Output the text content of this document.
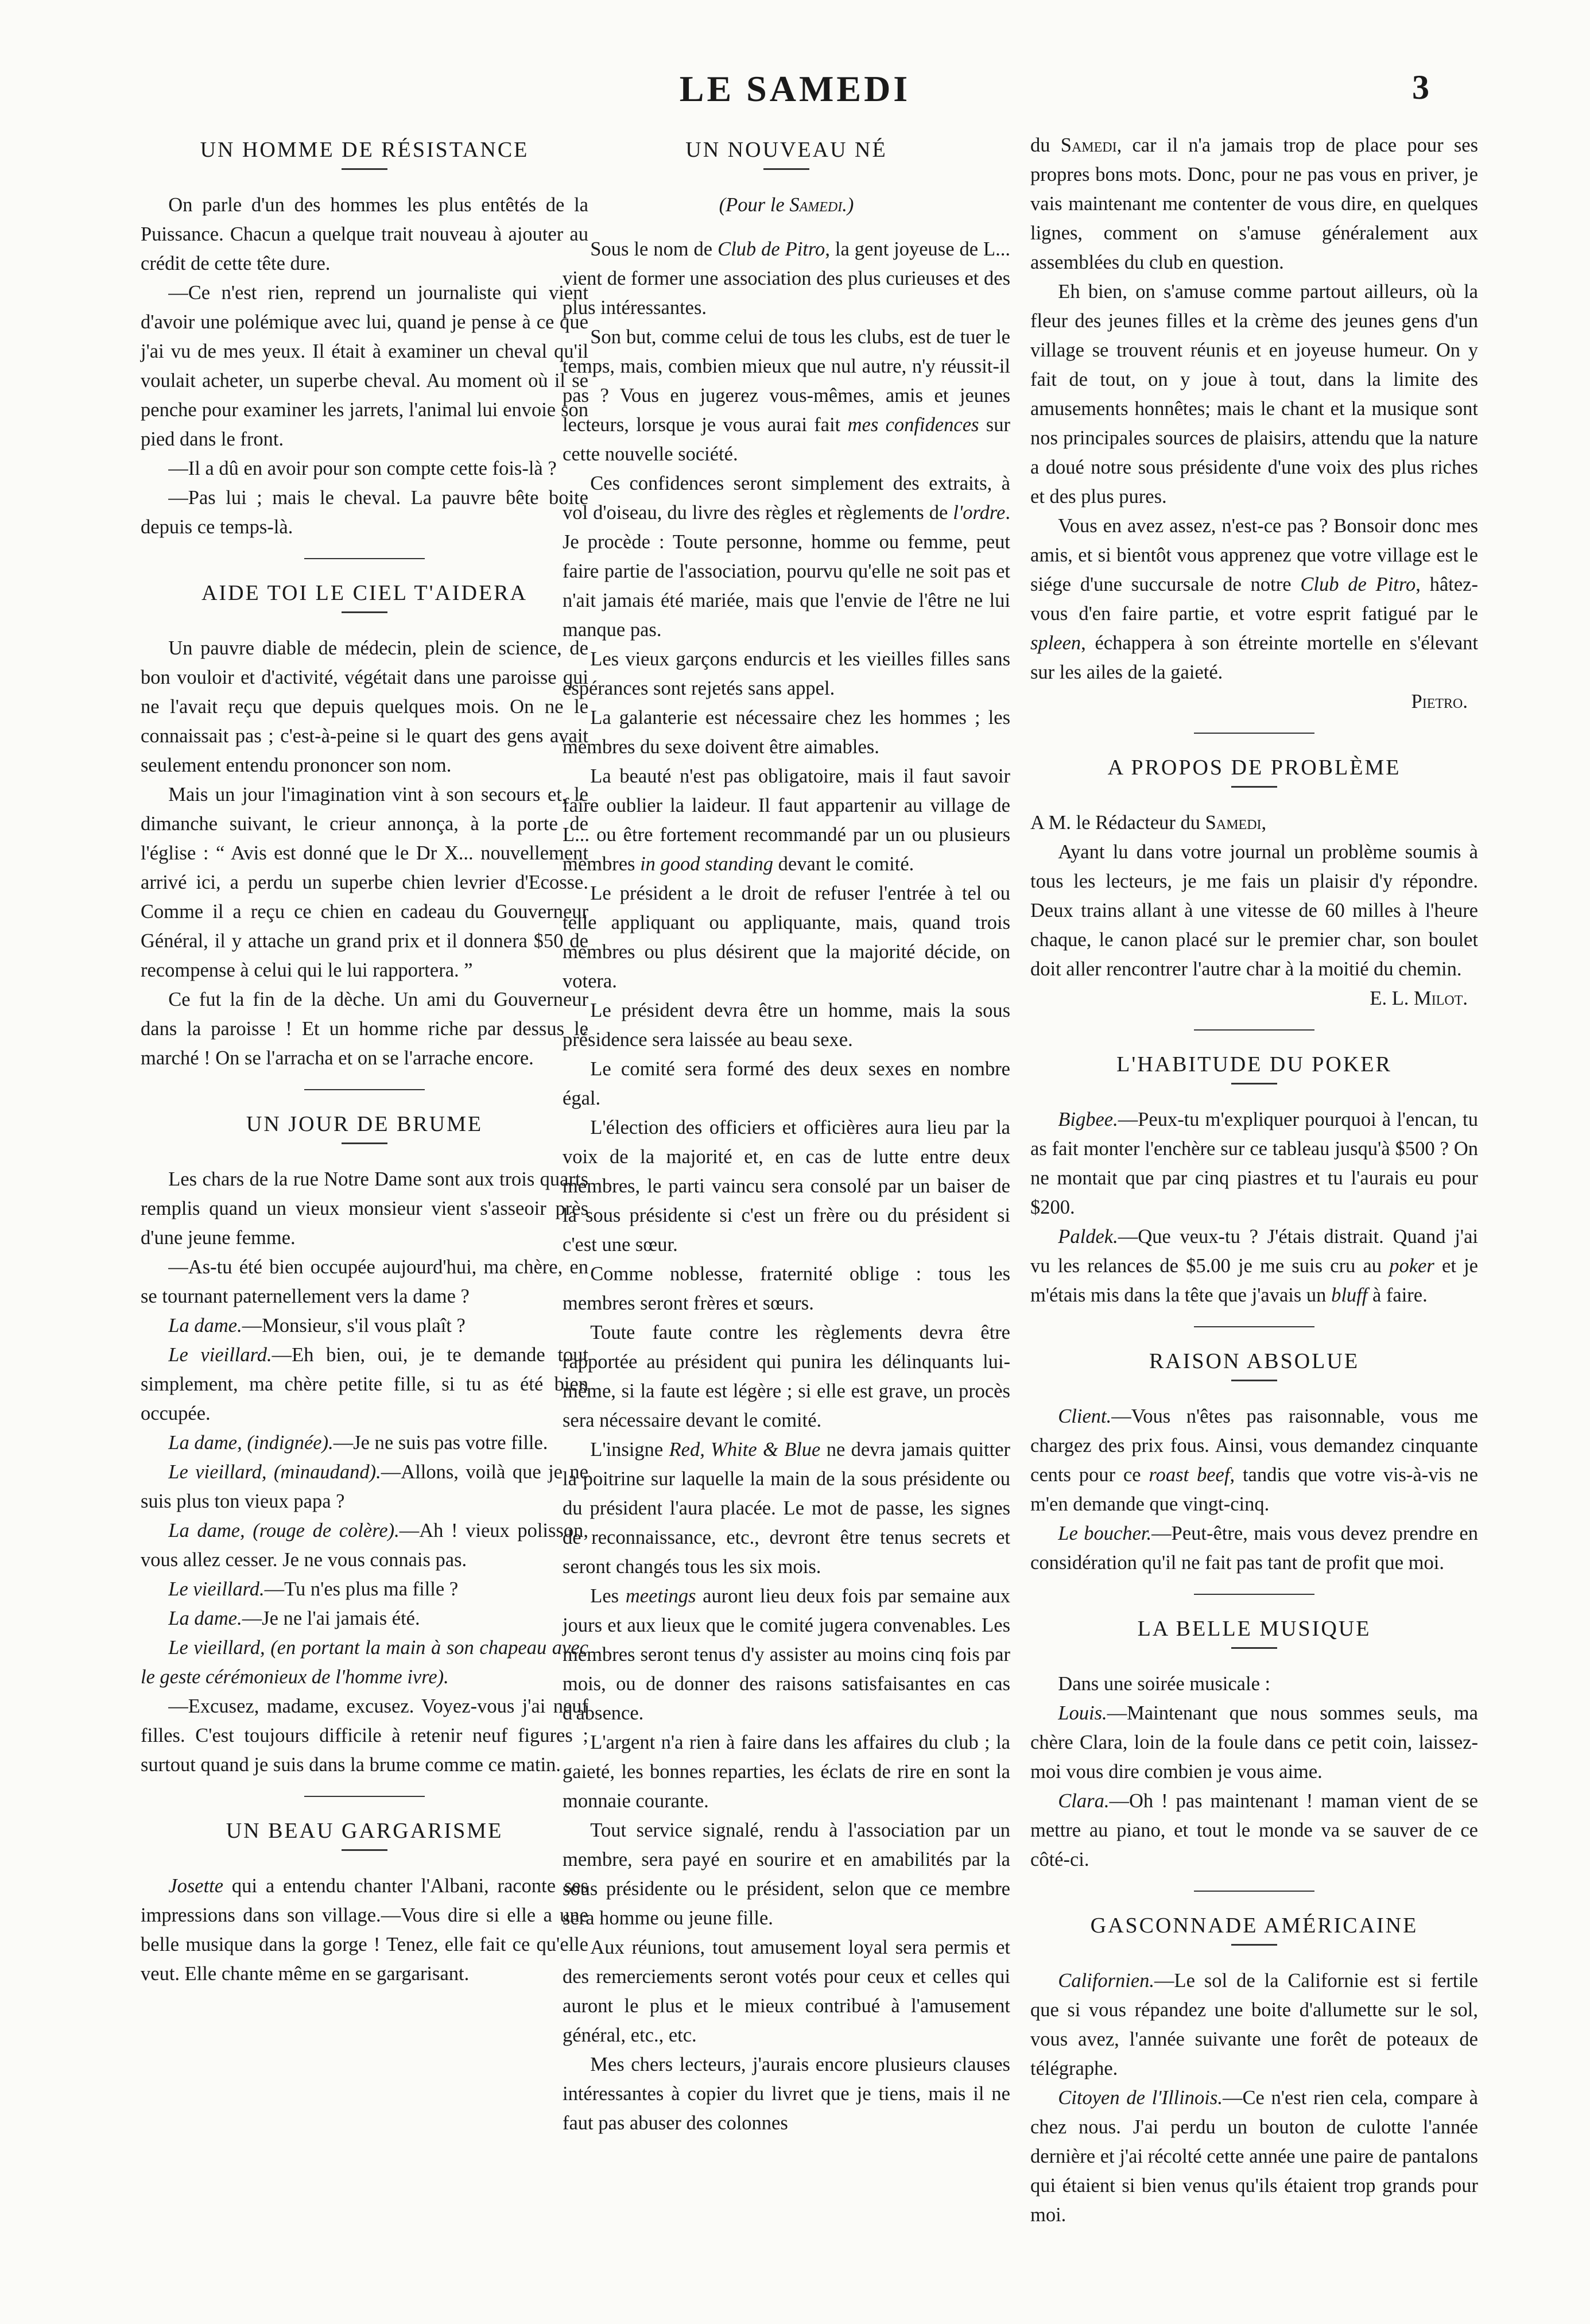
LE SAMEDI	3
UN HOMME DE RÉSISTANCE

On parle d'un des hommes les plus entêtés de la Puissance. Chacun a quelque trait nouveau à ajouter au crédit de cette tête dure.

—Ce n'est rien, reprend un journaliste qui vient d'avoir une polémique avec lui, quand je pense à ce que j'ai vu de mes yeux. Il était à examiner un cheval qu'il voulait acheter, un superbe cheval. Au moment où il se penche pour examiner les jarrets, l'animal lui envoie son pied dans le front.

—Il a dû en avoir pour son compte cette fois-là ?

—Pas lui ; mais le cheval. La pauvre bête boite depuis ce temps-là.

AIDE TOI LE CIEL T'AIDERA

Un pauvre diable de médecin, plein de science, de bon vouloir et d'activité, végétait dans une paroisse qui ne l'avait reçu que depuis quelques mois. On ne le connaissait pas ; c'est-à-peine si le quart des gens avait seulement entendu prononcer son nom.

Mais un jour l'imagination vint à son secours et, le dimanche suivant, le crieur annonça, à la porte de l'église : “ Avis est donné que le Dr X... nouvellement arrivé ici, a perdu un superbe chien levrier d'Ecosse. Comme il a reçu ce chien en cadeau du Gouverneur Général, il y attache un grand prix et il donnera $50 de recompense à celui qui le lui rapportera. ”

Ce fut la fin de la dèche. Un ami du Gouverneur dans la paroisse ! Et un homme riche par dessus le marché ! On se l'arracha et on se l'arrache encore.

UN JOUR DE BRUME

Les chars de la rue Notre Dame sont aux trois quarts remplis quand un vieux monsieur vient s'asseoir près d'une jeune femme.

—As-tu été bien occupée aujourd'hui, ma chère, en se tournant paternellement vers la dame ?

La dame.—Monsieur, s'il vous plaît ?

Le vieillard.—Eh bien, oui, je te demande tout simplement, ma chère petite fille, si tu as été bien occupée.

La dame, (indignée).—Je ne suis pas votre fille.

Le vieillard, (minaudand).—Allons, voilà que je ne suis plus ton vieux papa ?

La dame, (rouge de colère).—Ah ! vieux polisson, vous allez cesser. Je ne vous connais pas.

Le vieillard.—Tu n'es plus ma fille ?

La dame.—Je ne l'ai jamais été.

Le vieillard, (en portant la main à son chapeau avec le geste cérémonieux de l'homme ivre).

—Excusez, madame, excusez. Voyez-vous j'ai neuf filles. C'est toujours difficile à retenir neuf figures ; surtout quand je suis dans la brume comme ce matin.

UN BEAU GARGARISME

Josette qui a entendu chanter l'Albani, raconte ses impressions dans son village.—Vous dire si elle a une belle musique dans la gorge ! Tenez, elle fait ce qu'elle veut. Elle chante même en se gargarisant.

UN NOUVEAU NÉ
(Pour le Samedi.)

Sous le nom de Club de Pitro, la gent joyeuse de L... vient de former une association des plus curieuses et des plus intéressantes.

Son but, comme celui de tous les clubs, est de tuer le temps, mais, combien mieux que nul autre, n'y réussit-il pas ? Vous en jugerez vous-mêmes, amis et jeunes lecteurs, lorsque je vous aurai fait mes confidences sur cette nouvelle société.

Ces confidences seront simplement des extraits, à vol d'oiseau, du livre des règles et règlements de l'ordre. Je procède : Toute personne, homme ou femme, peut faire partie de l'association, pourvu qu'elle ne soit pas et n'ait jamais été mariée, mais que l'envie de l'être ne lui manque pas.

Les vieux garçons endurcis et les vieilles filles sans espérances sont rejetés sans appel.

La galanterie est nécessaire chez les hommes ; les membres du sexe doivent être aimables.

La beauté n'est pas obligatoire, mais il faut savoir faire oublier la laideur. Il faut appartenir au village de L... ou être fortement recommandé par un ou plusieurs membres in good standing devant le comité.

Le président a le droit de refuser l'entrée à tel ou telle appliquant ou appliquante, mais, quand trois membres ou plus désirent que la majorité décide, on votera.

Le président devra être un homme, mais la sous présidence sera laissée au beau sexe.

Le comité sera formé des deux sexes en nombre égal.

L'élection des officiers et officières aura lieu par la voix de la majorité et, en cas de lutte entre deux membres, le parti vaincu sera consolé par un baiser de la sous présidente si c'est un frère ou du président si c'est une sœur.

Comme noblesse, fraternité oblige : tous les membres seront frères et sœurs.

Toute faute contre les règlements devra être rapportée au président qui punira les délinquants lui-même, si la faute est légère ; si elle est grave, un procès sera nécessaire devant le comité.

L'insigne Red, White & Blue ne devra jamais quitter la poitrine sur laquelle la main de la sous présidente ou du président l'aura placée. Le mot de passe, les signes de reconnaissance, etc., devront être tenus secrets et seront changés tous les six mois.

Les meetings auront lieu deux fois par semaine aux jours et aux lieux que le comité jugera convenables. Les membres seront tenus d'y assister au moins cinq fois par mois, ou de donner des raisons satisfaisantes en cas d'absence.

L'argent n'a rien à faire dans les affaires du club ; la gaieté, les bonnes reparties, les éclats de rire en sont la monnaie courante.

Tout service signalé, rendu à l'association par un membre, sera payé en sourire et en amabilités par la sous présidente ou le président, selon que ce membre sera homme ou jeune fille.

Aux réunions, tout amusement loyal sera permis et des remerciements seront votés pour ceux et celles qui auront le plus et le mieux contribué à l'amusement général, etc., etc.

Mes chers lecteurs, j'aurais encore plusieurs clauses intéressantes à copier du livret que je tiens, mais il ne faut pas abuser des colonnes

du Samedi, car il n'a jamais trop de place pour ses propres bons mots. Donc, pour ne pas vous en priver, je vais maintenant me contenter de vous dire, en quelques lignes, comment on s'amuse généralement aux assemblées du club en question.

Eh bien, on s'amuse comme partout ailleurs, où la fleur des jeunes filles et la crème des jeunes gens d'un village se trouvent réunis et en joyeuse humeur. On y fait de tout, on y joue à tout, dans la limite des amusements honnêtes; mais le chant et la musique sont nos principales sources de plaisirs, attendu que la nature a doué notre sous présidente d'une voix des plus riches et des plus pures.

Vous en avez assez, n'est-ce pas ? Bonsoir donc mes amis, et si bientôt vous apprenez que votre village est le siége d'une succursale de notre Club de Pitro, hâtez-vous d'en faire partie, et votre esprit fatigué par le spleen, échappera à son étreinte mortelle en s'élevant sur les ailes de la gaieté.

Pietro.
A PROPOS DE PROBLÈME

A M. le Rédacteur du Samedi,

Ayant lu dans votre journal un problème soumis à tous les lecteurs, je me fais un plaisir d'y répondre. Deux trains allant à une vitesse de 60 milles à l'heure chaque, le canon placé sur le premier char, son boulet doit aller rencontrer l'autre char à la moitié du chemin.

E. L. Milot.
L'HABITUDE DU POKER

Bigbee.—Peux-tu m'expliquer pourquoi à l'encan, tu as fait monter l'enchère sur ce tableau jusqu'à $500 ? On ne montait que par cinq piastres et tu l'aurais eu pour $200.

Paldek.—Que veux-tu ? J'étais distrait. Quand j'ai vu les relances de $5.00 je me suis cru au poker et je m'étais mis dans la tête que j'avais un bluff à faire.

RAISON ABSOLUE

Client.—Vous n'êtes pas raisonnable, vous me chargez des prix fous. Ainsi, vous demandez cinquante cents pour ce roast beef, tandis que votre vis-à-vis ne m'en demande que vingt-cinq.

Le boucher.—Peut-être, mais vous devez prendre en considération qu'il ne fait pas tant de profit que moi.

LA BELLE MUSIQUE

Dans une soirée musicale :

Louis.—Maintenant que nous sommes seuls, ma chère Clara, loin de la foule dans ce petit coin, laissez-moi vous dire combien je vous aime.

Clara.—Oh ! pas maintenant ! maman vient de se mettre au piano, et tout le monde va se sauver de ce côté-ci.

GASCONNADE AMÉRICAINE

Californien.—Le sol de la Californie est si fertile que si vous répandez une boite d'allumette sur le sol, vous avez, l'année suivante une forêt de poteaux de télégraphe.

Citoyen de l'Illinois.—Ce n'est rien cela, compare à chez nous. J'ai perdu un bouton de culotte l'année dernière et j'ai récolté cette année une paire de pantalons qui étaient si bien venus qu'ils étaient trop grands pour moi.
